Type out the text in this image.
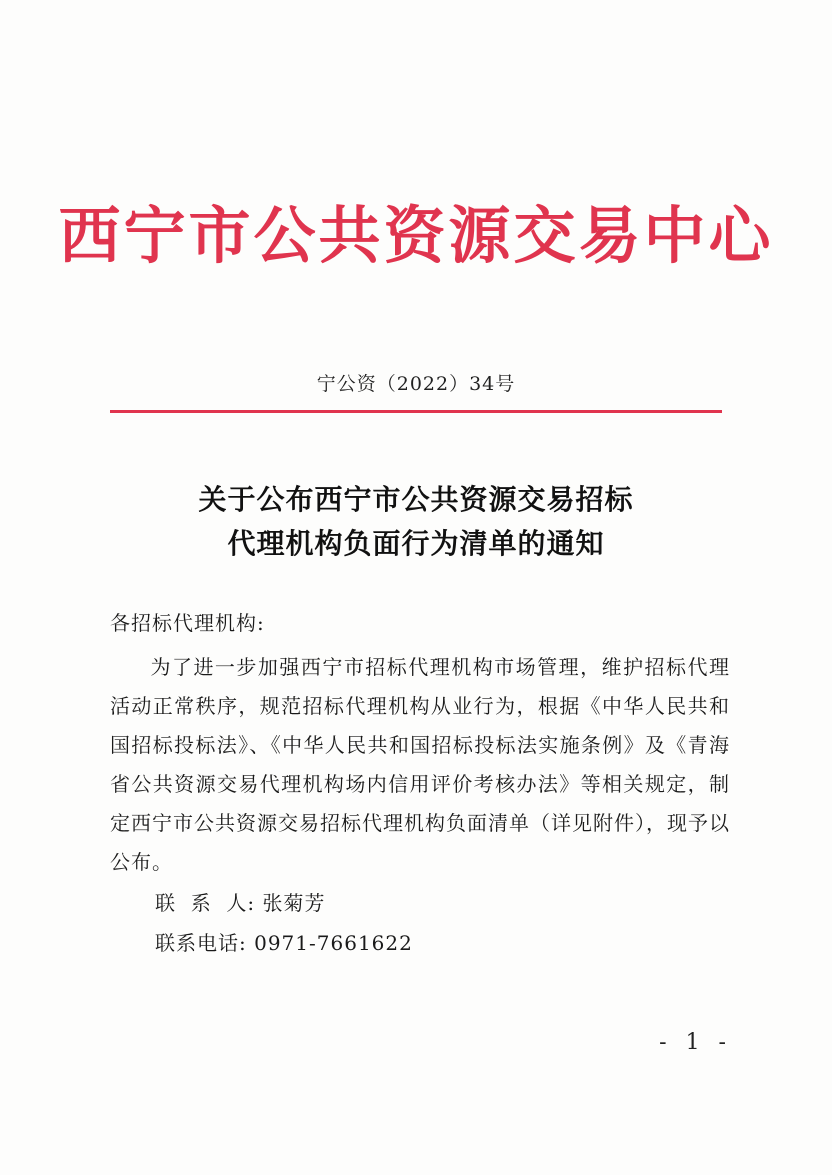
西宁市公共资源交易中心
宁公资（2022）34号
关于公布西宁市公共资源交易招标
代理机构负面行为清单的通知
各招标代理机构:
为了进一步加强西宁市招标代理机构市场管理，维护招标代理活动正常秩序，规范招标代理机构从业行为，根据《中华人民共和国招标投标法》、《中华人民共和国招标投标法实施条例》及《青海省公共资源交易代理机构场内信用评价考核办法》等相关规定，制定西宁市公共资源交易招标代理机构负面清单（详见附件），现予以公布。
联  系  人: 张菊芳
联系电话: 0971-7661622
- 1 -
